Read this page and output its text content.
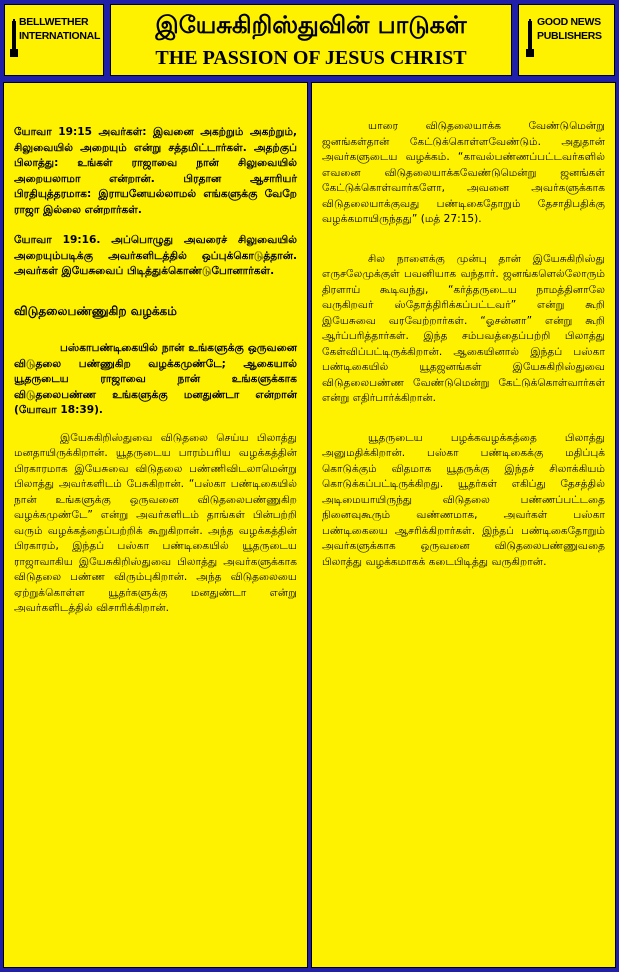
BELLWETHER
INTERNATIONAL	இயேசுகிறிஸ்துவின் பாடுகள்
THE PASSION OF JESUS CHRIST
GOOD NEWS
PUBLISHERS

யோவா 19:15 அவர்கள்: இவனை அகற்றும் அகற்றும், சிலுவையில் அறையும் என்று சத்தமிட்டார்கள். அதற்குப் பிலாத்து: உங்கள் ராஜாவை நான் சிலுவையில் அறையலாமா என்றான். பிரதான ஆசாரியர் பிரதியுத்தரமாக: இராயனேயல்லாமல் எங்களுக்கு வேறே ராஜா இல்லை என்றார்கள்.

யோவா 19:16. அப்பொழுது அவரைச் சிலுவையில் அறையும்படிக்கு அவர்களிடத்தில் ஒப்புக்கொடுத்தான். அவர்கள் இயேசுவைப் பிடித்துக்கொண்டுபோனார்கள்.

விடுதலைபண்ணுகிற வழக்கம்

பஸ்காபண்டிகையில் நான் உங்களுக்கு ஒருவனை விடுதலை பண்ணுகிற வழக்கமுண்டே; ஆகையால் யூதருடைய ராஜாவை நான் உங்களுக்காக விடுதலைபண்ண உங்களுக்கு மனதுண்டா என்றான் (யோவா 18:39).

இயேசுகிறிஸ்துவை விடுதலை செய்ய பிலாத்து மனதாயிருக்கிறான். யூதருடைய பாரம்பரிய வழக்கத்தின் பிரகாரமாக இயேசுவை விடுதலை பண்ணிவிடலாமென்று பிலாத்து அவர்களிடம் பேசுகிறான். “பஸ்கா பண்டிகையில் நான் உங்களுக்கு ஒருவனை விடுதலைபண்ணுகிற வழக்கமுண்டே” என்று அவர்களிடம் தாங்கள் பின்பற்றி வரும் வழக்கத்தைப்பற்றிக் கூறுகிறான். அந்த வழக்கத்தின் பிரகாரம், இந்தப் பஸ்கா பண்டிகையில் யூதருடைய ராஜாவாகிய இயேசுகிறிஸ்துவை பிலாத்து அவர்களுக்காக விடுதலை பண்ண விரும்புகிறான். அந்த விடுதலையை ஏற்றுக்கொள்ள யூதர்களுக்கு மனதுண்டா என்று அவர்களிடத்தில் விசாரிக்கிறான்.

யாரை விடுதலையாக்க வேண்டுமென்று ஜனங்கள்தான் கேட்டுக்கொள்ளவேண்டும். அதுதான் அவர்களுடைய வழக்கம். “காவல்பண்ணப்பட்டவர்களில் எவனை விடுதலையாக்கவேண்டுமென்று ஜனங்கள் கேட்டுக்கொள்வார்களோ, அவனை அவர்களுக்காக விடுதலையாக்குவது பண்டிகைதோறும் தேசாதிபதிக்கு வழக்கமாயிருந்தது” (மத் 27:15).

சில நாளைக்கு முன்பு தான் இயேசுகிறிஸ்து எருசலேமுக்குள் பவனியாக வந்தார். ஜனங்களெல்லோரும் திரளாய் கூடிவந்து, “கர்த்தருடைய நாமத்தினாலே வருகிறவர் ஸ்தோத்திரிக்கப்பட்டவர்” என்று கூறி இயேசுவை வரவேற்றார்கள். “ஓசன்னா” என்று கூறி ஆர்ப்பரித்தார்கள். இந்த சம்பவத்தைப்பற்றி பிலாத்து கேள்விப்பட்டிருக்கிறான். ஆகையினால் இந்தப் பஸ்கா பண்டிகையில் யூதஜனங்கள் இயேசுகிறிஸ்துவை விடுதலைபண்ண வேண்டுமென்று கேட்டுக்கொள்வார்கள் என்று எதிர்பார்க்கிறான்.

யூதருடைய பழக்கவழக்கத்தை பிலாத்து அனுமதிக்கிறான். பஸ்கா பண்டிகைக்கு மதிப்புக் கொடுக்கும் விதமாக யூதருக்கு இந்தச் சிலாக்கியம் கொடுக்கப்பட்டிருக்கிறது. யூதர்கள் எகிப்து தேசத்தில் அடிமையாயிருந்து விடுதலை பண்ணப்பட்டதை நினைவுகூரும் வண்ணமாக, அவர்கள் பஸ்கா பண்டிகையை ஆசரிக்கிறார்கள். இந்தப் பண்டிகைதோறும் அவர்களுக்காக ஒருவனை விடுதலைபண்ணுவதை பிலாத்து வழக்கமாகக் கடைபிடித்து வருகிறான்.
